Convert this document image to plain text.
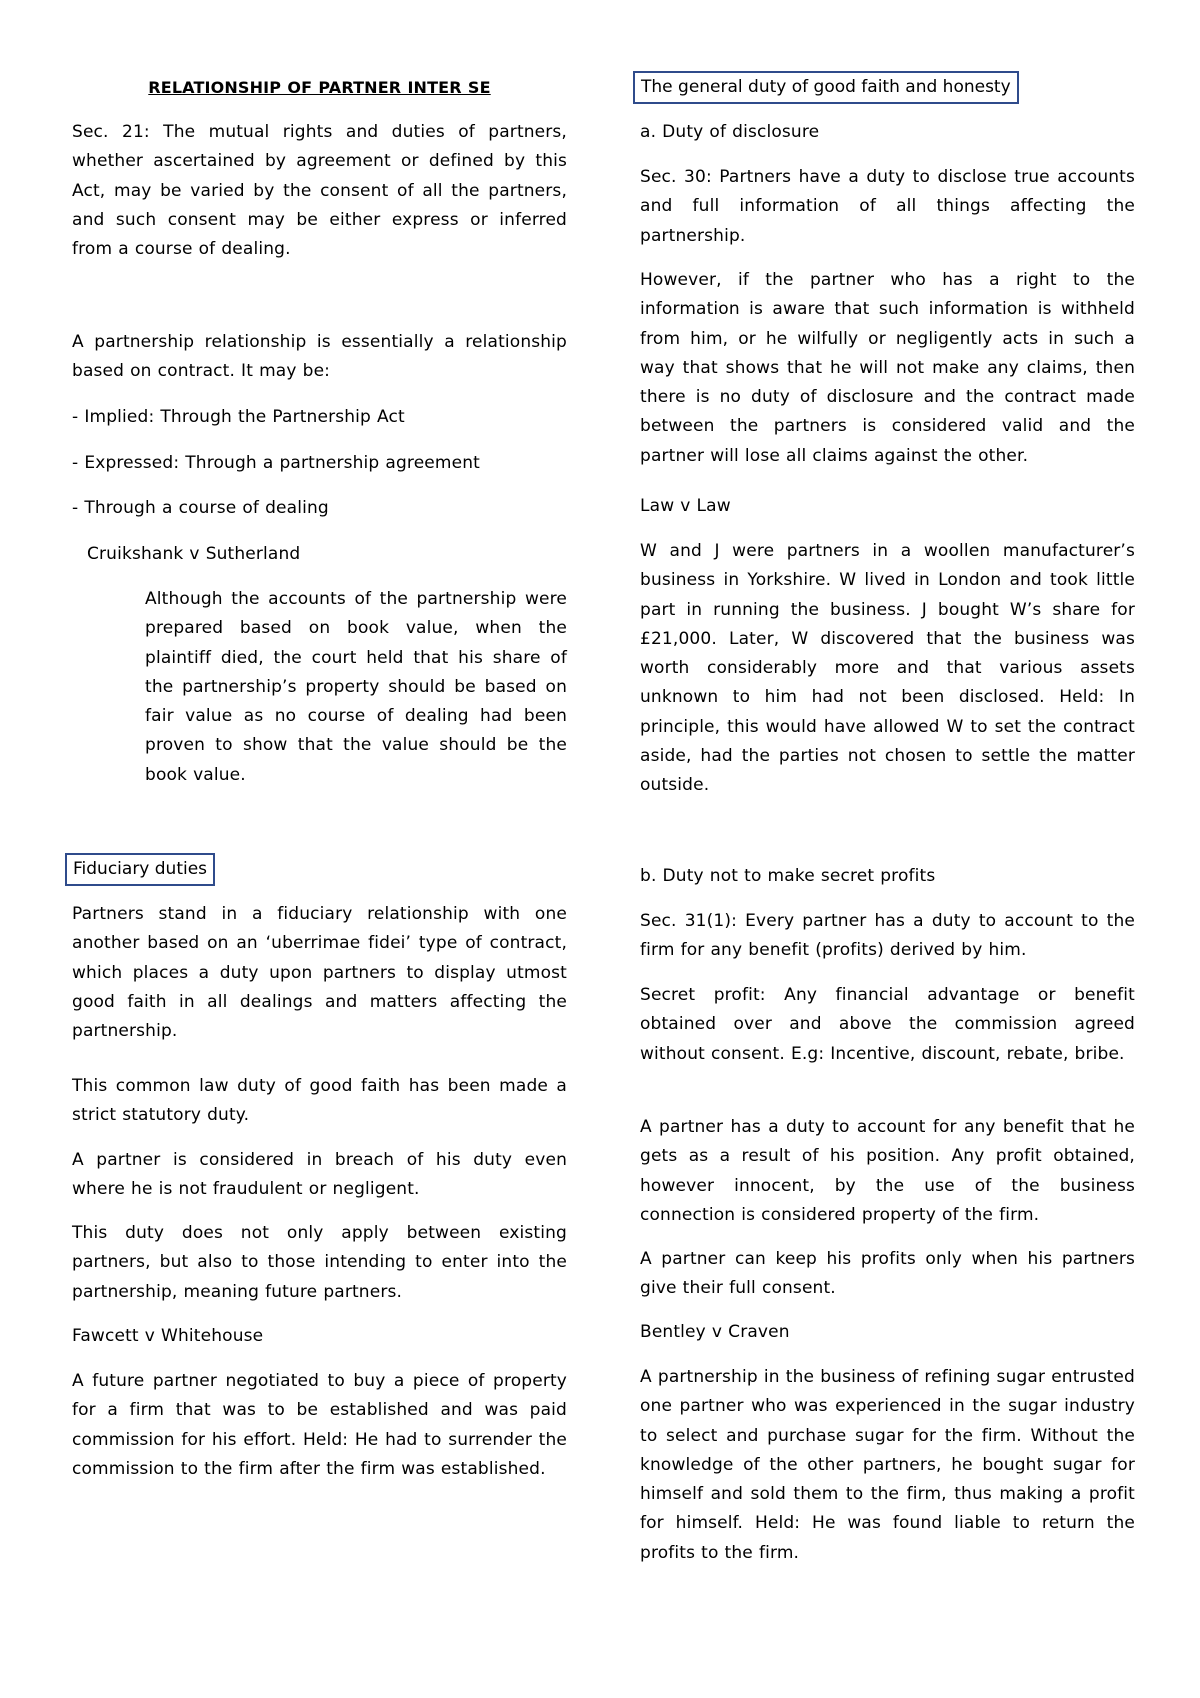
RELATIONSHIP OF PARTNER INTER SE

Sec. 21: The mutual rights and duties of partners, whether ascertained by agreement or defined by this Act, may be varied by the consent of all the partners, and such consent may be either express or inferred from a course of dealing.

A partnership relationship is essentially a relationship based on contract. It may be:

- Implied: Through the Partnership Act

- Expressed: Through a partnership agreement

- Through a course of dealing

Cruikshank v Sutherland

Although the accounts of the partnership were prepared based on book value, when the plaintiff died, the court held that his share of the partnership’s property should be based on fair value as no course of dealing had been proven to show that the value should be the book value.

Fiduciary duties

Partners stand in a fiduciary relationship with one another based on an ‘uberrimae fidei’ type of contract, which places a duty upon partners to display utmost good faith in all dealings and matters affecting the partnership.

This common law duty of good faith has been made a strict statutory duty.

A partner is considered in breach of his duty even where he is not fraudulent or negligent.

This duty does not only apply between existing partners, but also to those intending to enter into the partnership, meaning future partners.

Fawcett v Whitehouse

A future partner negotiated to buy a piece of property for a firm that was to be established and was paid commission for his effort. Held: He had to surrender the commission to the firm after the firm was established.

The general duty of good faith and honesty

a. Duty of disclosure

Sec. 30: Partners have a duty to disclose true accounts and full information of all things affecting the partnership.

However, if the partner who has a right to the information is aware that such information is withheld from him, or he wilfully or negligently acts in such a way that shows that he will not make any claims, then there is no duty of disclosure and the contract made between the partners is considered valid and the partner will lose all claims against the other.

Law v Law

W and J were partners in a woollen manufacturer’s business in Yorkshire. W lived in London and took little part in running the business. J bought W’s share for £21,000. Later, W discovered that the business was worth considerably more and that various assets unknown to him had not been disclosed. Held: In principle, this would have allowed W to set the contract aside, had the parties not chosen to settle the matter outside.

b. Duty not to make secret profits

Sec. 31(1): Every partner has a duty to account to the firm for any benefit (profits) derived by him.

Secret profit: Any financial advantage or benefit obtained over and above the commission agreed without consent. E.g: Incentive, discount, rebate, bribe.

A partner has a duty to account for any benefit that he gets as a result of his position. Any profit obtained, however innocent, by the use of the business connection is considered property of the firm.

A partner can keep his profits only when his partners give their full consent.

Bentley v Craven

A partnership in the business of refining sugar entrusted one partner who was experienced in the sugar industry to select and purchase sugar for the firm. Without the knowledge of the other partners, he bought sugar for himself and sold them to the firm, thus making a profit for himself. Held: He was found liable to return the profits to the firm.
